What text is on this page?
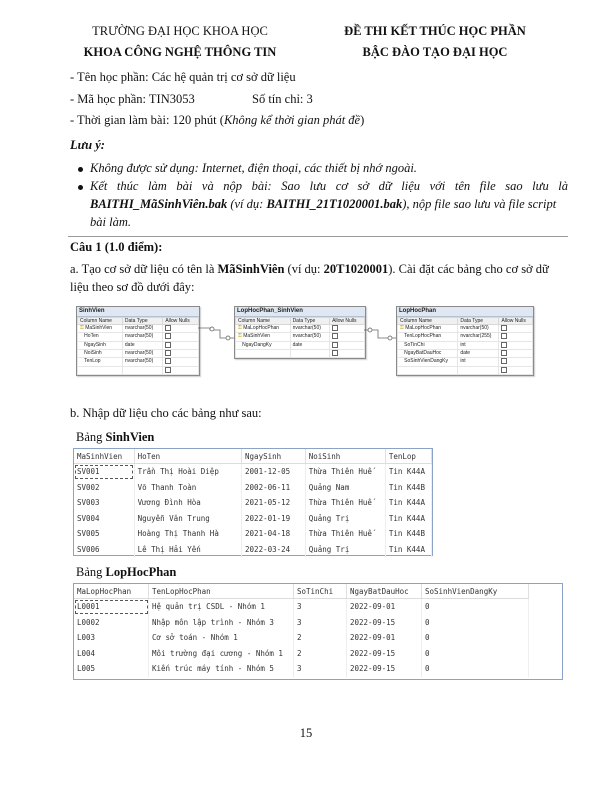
TRƯỜNG ĐẠI HỌC KHOA HỌC
KHOA CÔNG NGHỆ THÔNG TIN
ĐỀ THI KẾT THÚC HỌC PHẦN
BẬC ĐÀO TẠO ĐẠI HỌC
- Tên học phần: Các hệ quản trị cơ sở dữ liệu
- Mã học phần: TIN3053	Số tín chỉ: 3
- Thời gian làm bài: 120 phút (Không kể thời gian phát đề)
Lưu ý:
Không được sử dụng: Internet, điện thoại, các thiết bị nhớ ngoài.
Kết thúc làm bài và nộp bài: Sao lưu cơ sở dữ liệu với tên file sao lưu là
BAITHI_MãSinhViên.bak (ví dụ: BAITHI_21T1020001.bak), nộp file sao lưu và file script
bài làm.
Câu 1 (1.0 điểm):
a. Tạo cơ sở dữ liệu có tên là MãSinhViên (ví dụ: 20T1020001). Cài đặt các bảng cho cơ sở dữ
liệu theo sơ đồ dưới đây:
SinhVien
Column Name	Data Type	Allow Nulls
⚿ MaSinhVien	nvarchar(50)	
HoTen	nvarchar(50)	
NgaySinh	date	
NoiSinh	nvarchar(50)	
TenLop	nvarchar(50)	

LopHocPhan_SinhVien
Column Name	Data Type	Allow Nulls
⚿ MaLopHocPhan	nvarchar(50)	
⚿ MaSinhVien	nvarchar(50)	
NgayDangKy	date	

LopHocPhan
Column Name	Data Type	Allow Nulls
⚿ MaLopHocPhan	nvarchar(50)	
TenLopHocPhan	nvarchar(255)	
SoTinChi	int	
NgayBatDauHoc	date	
SoSinhVienDangKy	int	

b. Nhập dữ liệu cho các bảng như sau:
Bảng SinhVien
MaSinhVien	HoTen	NgaySinh	NoiSinh	TenLop
SV001	Trần Thị Hoài Diệp	2001-12-05	Thừa Thiên Huế	Tin K44A
SV002	Võ Thanh Toàn	2002-06-11	Quảng Nam	Tin K44B
SV003	Vương Đình Hòa	2021-05-12	Thừa Thiên Huế	Tin K44A
SV004	Nguyễn Văn Trung	2022-01-19	Quảng Trị	Tin K44A
SV005	Hoàng Thị Thanh Hà	2021-04-18	Thừa Thiên Huế	Tin K44B
SV006	Lê Thị Hải Yến	2022-03-24	Quảng Trị	Tin K44A
Bảng LopHocPhan
MaLopHocPhan	TenLopHocPhan	SoTinChi	NgayBatDauHoc	SoSinhVienDangKy
L0001	Hệ quản trị CSDL - Nhóm 1	3	2022-09-01	0
L0002	Nhập môn lập trình - Nhóm 3	3	2022-09-15	0
L003	Cơ sở toán - Nhóm 1	2	2022-09-01	0
L004	Môi trường đại cương - Nhóm 1	2	2022-09-15	0
L005	Kiến trúc máy tính - Nhóm 5	3	2022-09-15	0
15
